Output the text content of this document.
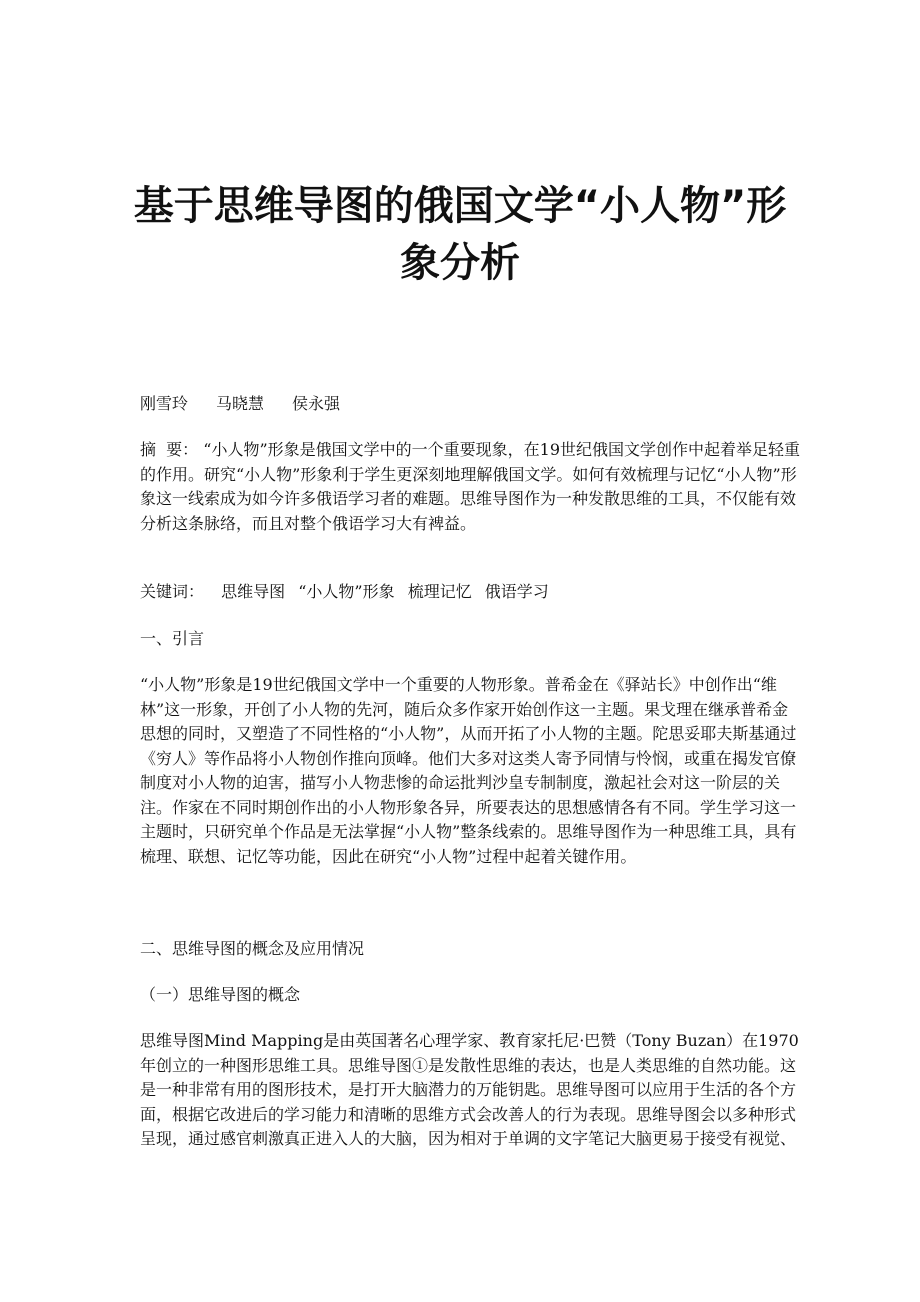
基于思维导图的俄国文学“小人物”形象分析
刚雪玲 马晓慧 侯永强
摘  要： “小人物”形象是俄国文学中的一个重要现象，在19世纪俄国文学创作中起着举足轻重的作用。研究“小人物”形象利于学生更深刻地理解俄国文学。如何有效梳理与记忆“小人物”形象这一线索成为如今许多俄语学习者的难题。思维导图作为一种发散思维的工具，不仅能有效分析这条脉络，而且对整个俄语学习大有裨益。
关键词： 思维导图 “小人物”形象 梳理记忆 俄语学习
一、引言
“小人物”形象是19世纪俄国文学中一个重要的人物形象。普希金在《驿站长》中创作出“维林”这一形象，开创了小人物的先河，随后众多作家开始创作这一主题。果戈理在继承普希金思想的同时，又塑造了不同性格的“小人物”，从而开拓了小人物的主题。陀思妥耶夫斯基通过《穷人》等作品将小人物创作推向顶峰。他们大多对这类人寄予同情与怜悯，或重在揭发官僚制度对小人物的迫害，描写小人物悲惨的命运批判沙皇专制制度，激起社会对这一阶层的关注。作家在不同时期创作出的小人物形象各异，所要表达的思想感情各有不同。学生学习这一主题时，只研究单个作品是无法掌握“小人物”整条线索的。思维导图作为一种思维工具，具有梳理、联想、记忆等功能，因此在研究“小人物”过程中起着关键作用。
二、思维导图的概念及应用情况
（一）思维导图的概念
思维导图Mind Mapping是由英国著名心理学家、教育家托尼·巴赞（Tony Buzan）在1970年创立的一种图形思维工具。思维导图①是发散性思维的表达，也是人类思维的自然功能。这是一种非常有用的图形技术，是打开大脑潜力的万能钥匙。思维导图可以应用于生活的各个方面，根据它改进后的学习能力和清晰的思维方式会改善人的行为表现。思维导图会以多种形式呈现，通过感官刺激真正进入人的大脑，因为相对于单调的文字笔记大脑更易于接受有视觉、
